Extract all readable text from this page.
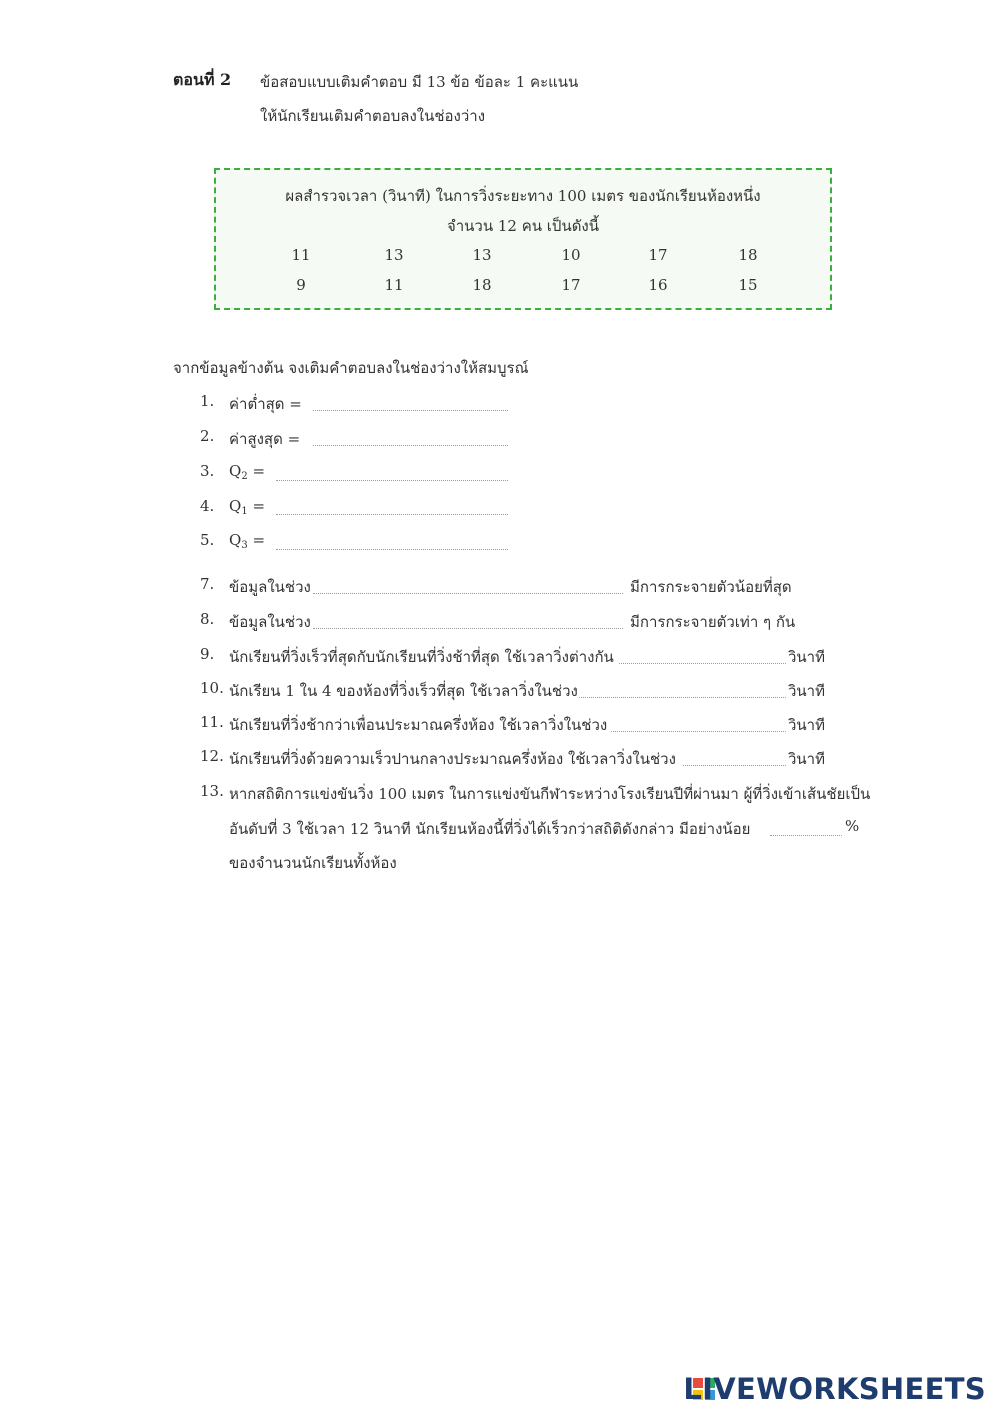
ตอนที่ 2 ข้อสอบแบบเติมคำตอบ มี 13 ข้อ ข้อละ 1 คะแนน
ให้นักเรียนเติมคำตอบลงในช่องว่าง
ผลสำรวจเวลา (วินาที) ในการวิ่งระยะทาง 100 เมตร ของนักเรียนห้องหนึ่ง
จำนวน 12 คน เป็นดังนี้
11	13	13	10	17	18
9	11	18	17	16	15
จากข้อมูลข้างต้น จงเติมคำตอบลงในช่องว่างให้สมบูรณ์
1. ค่าต่ำสุด =
2. ค่าสูงสุด =
3. $Q_2$ =
4. $Q_1$ =
5. $Q_3$ =
7. ข้อมูลในช่วง	มีการกระจายตัวน้อยที่สุด
8. ข้อมูลในช่วง	มีการกระจายตัวเท่า ๆ กัน
9. นักเรียนที่วิ่งเร็วที่สุดกับนักเรียนที่วิ่งช้าที่สุด ใช้เวลาวิ่งต่างกัน	วินาที
10. นักเรียน 1 ใน 4 ของห้องที่วิ่งเร็วที่สุด ใช้เวลาวิ่งในช่วง	วินาที
11. นักเรียนที่วิ่งช้ากว่าเพื่อนประมาณครึ่งห้อง ใช้เวลาวิ่งในช่วง	วินาที
12. นักเรียนที่วิ่งด้วยความเร็วปานกลางประมาณครึ่งห้อง ใช้เวลาวิ่งในช่วง	วินาที
13. หากสถิติการแข่งขันวิ่ง 100 เมตร ในการแข่งขันกีฬาระหว่างโรงเรียนปีที่ผ่านมา ผู้ที่วิ่งเข้าเส้นชัยเป็น
อันดับที่ 3 ใช้เวลา 12 วินาที นักเรียนห้องนี้ที่วิ่งได้เร็วกว่าสถิติดังกล่าว มีอย่างน้อย	%
ของจำนวนนักเรียนทั้งห้อง
LIVEWORKSHEETS
